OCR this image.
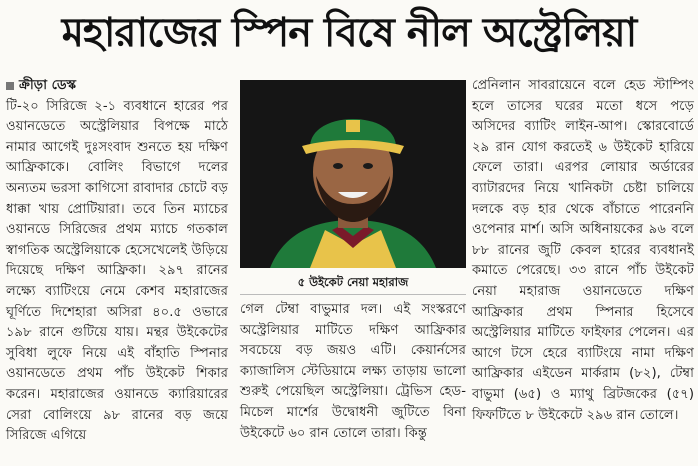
মহারাজের স্পিন বিষে নীল অস্ট্রেলিয়া
ক্রীড়া ডেস্ক

টি-২০ সিরিজে ২-১ ব্যবধানে হারের পর ওয়ানডেতে অস্ট্রেলিয়ার বিপক্ষে মাঠে নামার আগেই দুঃসংবাদ শুনতে হয় দক্ষিণ আফ্রিকাকে। বোলিং বিভাগে দলের অন্যতম ভরসা কাগিসো রাবাদার চোটে বড় ধাক্কা খায় প্রোটিয়ারা। তবে তিন ম্যাচের ওয়ানডে সিরিজের প্রথম ম্যাচে গতকাল স্বাগতিক অস্ট্রেলিয়াকে হেসেখেলেই উড়িয়ে দিয়েছে দক্ষিণ আফ্রিকা। ২৯৭ রানের লক্ষ্যে ব্যাটিংয়ে নেমে কেশব মহারাজের ঘূর্ণিতে দিশেহারা অসিরা ৪০.৫ ওভারে ১৯৮ রানে গুটিয়ে যায়। মন্থর উইকেটের সুবিধা লুফে নিয়ে এই বাঁহাতি স্পিনার ওয়ানডেতে প্রথম পাঁচ উইকেট শিকার করেন। মহারাজের ওয়ানডে ক্যারিয়ারের সেরা বোলিংয়ে ৯৮ রানের বড় জয়ে সিরিজে এগিয়ে

৫ উইকেট নেয়া মহারাজ

গেল টেম্বা বাভুমার দল। এই সংস্করণে অস্ট্রেলিয়ার মাটিতে দক্ষিণ আফ্রিকার সবচেয়ে বড় জয়ও এটি। কেয়ার্নসের ক্যাজালিস স্টেডিয়ামে লক্ষ্য তাড়ায় ভালো শুরুই পেয়েছিল অস্ট্রেলিয়া। ট্রেভিস হেড-মিচেল মার্শের উদ্বোধনী জুটিতে বিনা উইকেটে ৬০ রান তোলে তারা। কিন্তু

প্রেনিলান সাবরায়েনে বলে হেড স্টাম্পিং হলে তাসের ঘরের মতো ধসে পড়ে অসিদের ব্যাটিং লাইন-আপ। স্কোরবোর্ডে ২৯ রান যোগ করতেই ৬ উইকেট হারিয়ে ফেলে তারা। এরপর লোয়ার অর্ডারের ব্যাটারদের নিয়ে খানিকটা চেষ্টা চালিয়ে দলকে বড় হার থেকে বাঁচাতে পারেননি ওপেনার মার্শ। অসি অধিনায়কের ৯৬ বলে ৮৮ রানের জুটি কেবল হারের ব্যবধানই কমাতে পেরেছে। ৩৩ রানে পাঁচ উইকেট নেয়া মহারাজ ওয়ানডেতে দক্ষিণ আফ্রিকার প্রথম স্পিনার হিসেবে অস্ট্রেলিয়ার মাটিতে ফাইফার পেলেন। এর আগে টসে হেরে ব্যাটিংয়ে নামা দক্ষিণ আফ্রিকার এইডেন মার্করাম (৮২), টেম্বা বাভুমা (৬৫) ও ম্যাথু ব্রিটজকের (৫৭) ফিফটিতে ৮ উইকেটে ২৯৬ রান তোলে।
